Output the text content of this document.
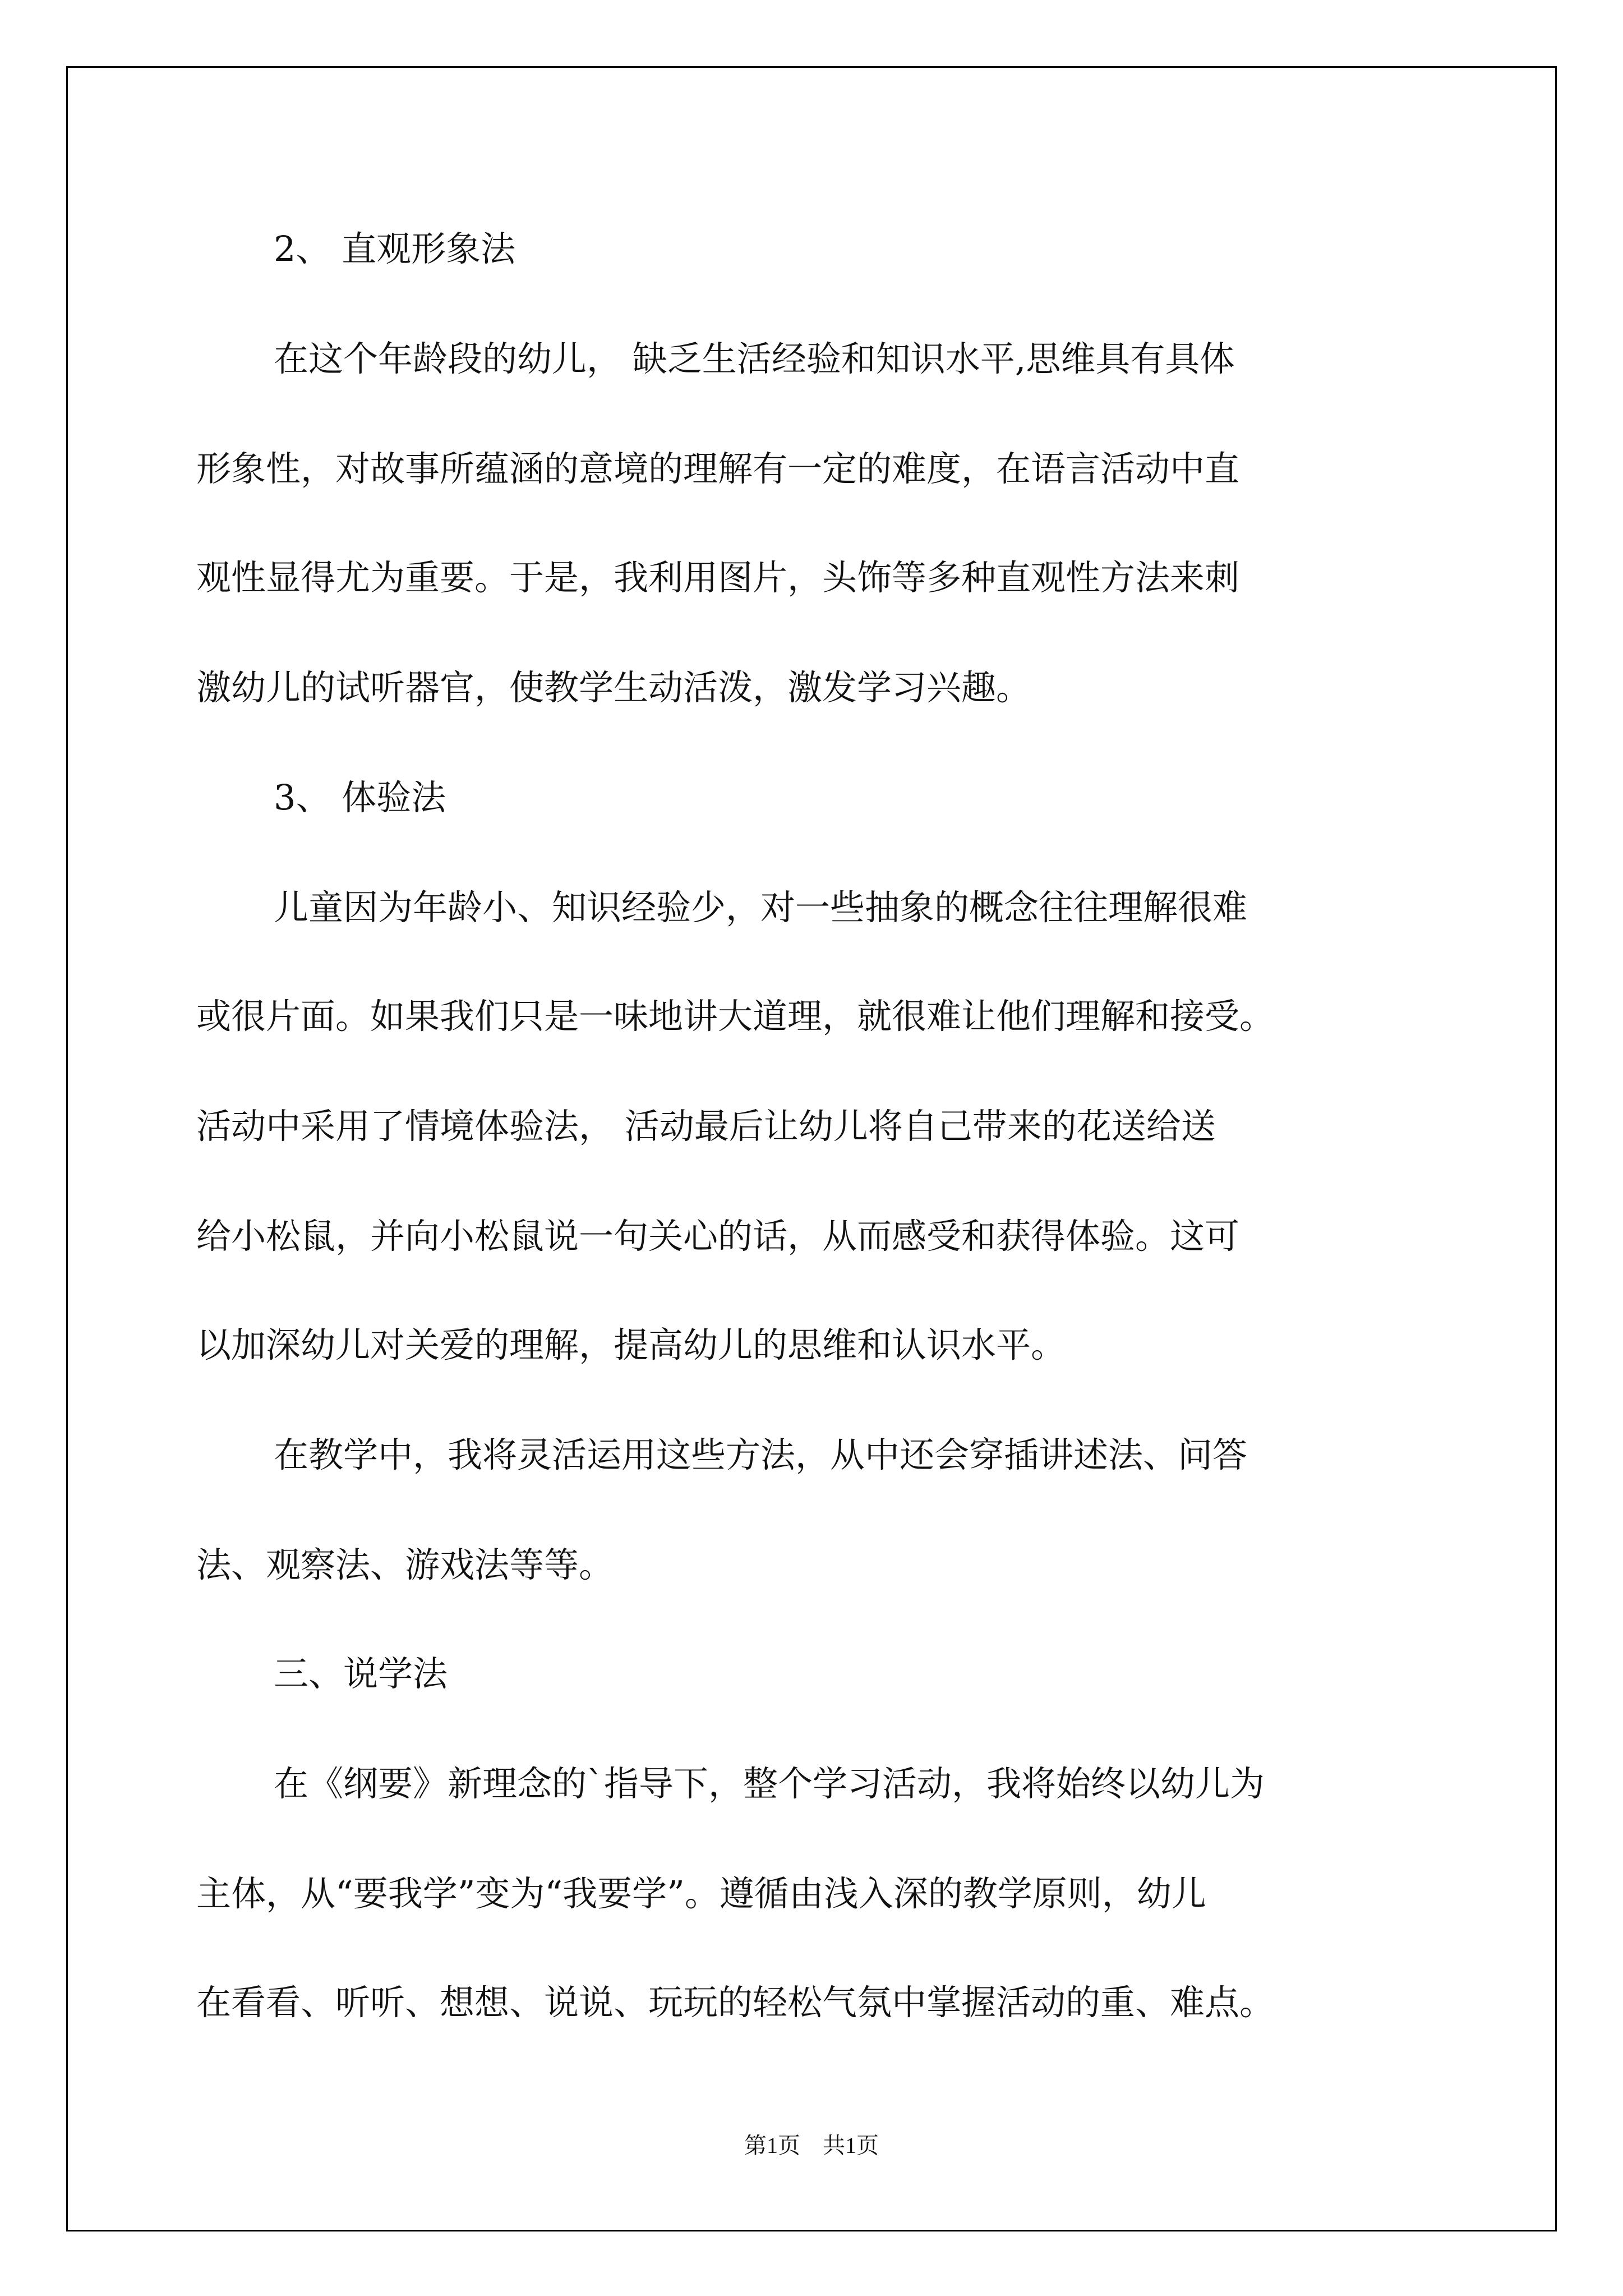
2、 直观形象法
在这个年龄段的幼儿， 缺乏生活经验和知识水平,思维具有具体
形象性，对故事所蕴涵的意境的理解有一定的难度，在语言活动中直
观性显得尤为重要。于是，我利用图片，头饰等多种直观性方法来刺
激幼儿的试听器官，使教学生动活泼，激发学习兴趣。
3、 体验法
儿童因为年龄小、知识经验少，对一些抽象的概念往往理解很难
或很片面。如果我们只是一味地讲大道理，就很难让他们理解和接受。
活动中采用了情境体验法， 活动最后让幼儿将自己带来的花送给送
给小松鼠，并向小松鼠说一句关心的话，从而感受和获得体验。这可
以加深幼儿对关爱的理解，提高幼儿的思维和认识水平。
在教学中，我将灵活运用这些方法，从中还会穿插讲述法、问答
法、观察法、游戏法等等。
三、说学法
在《纲要》新理念的`指导下，整个学习活动，我将始终以幼儿为
主体，从“要我学”变为“我要学”。遵循由浅入深的教学原则，幼儿
在看看、听听、想想、说说、玩玩的轻松气氛中掌握活动的重、难点。
第1页 共1页
